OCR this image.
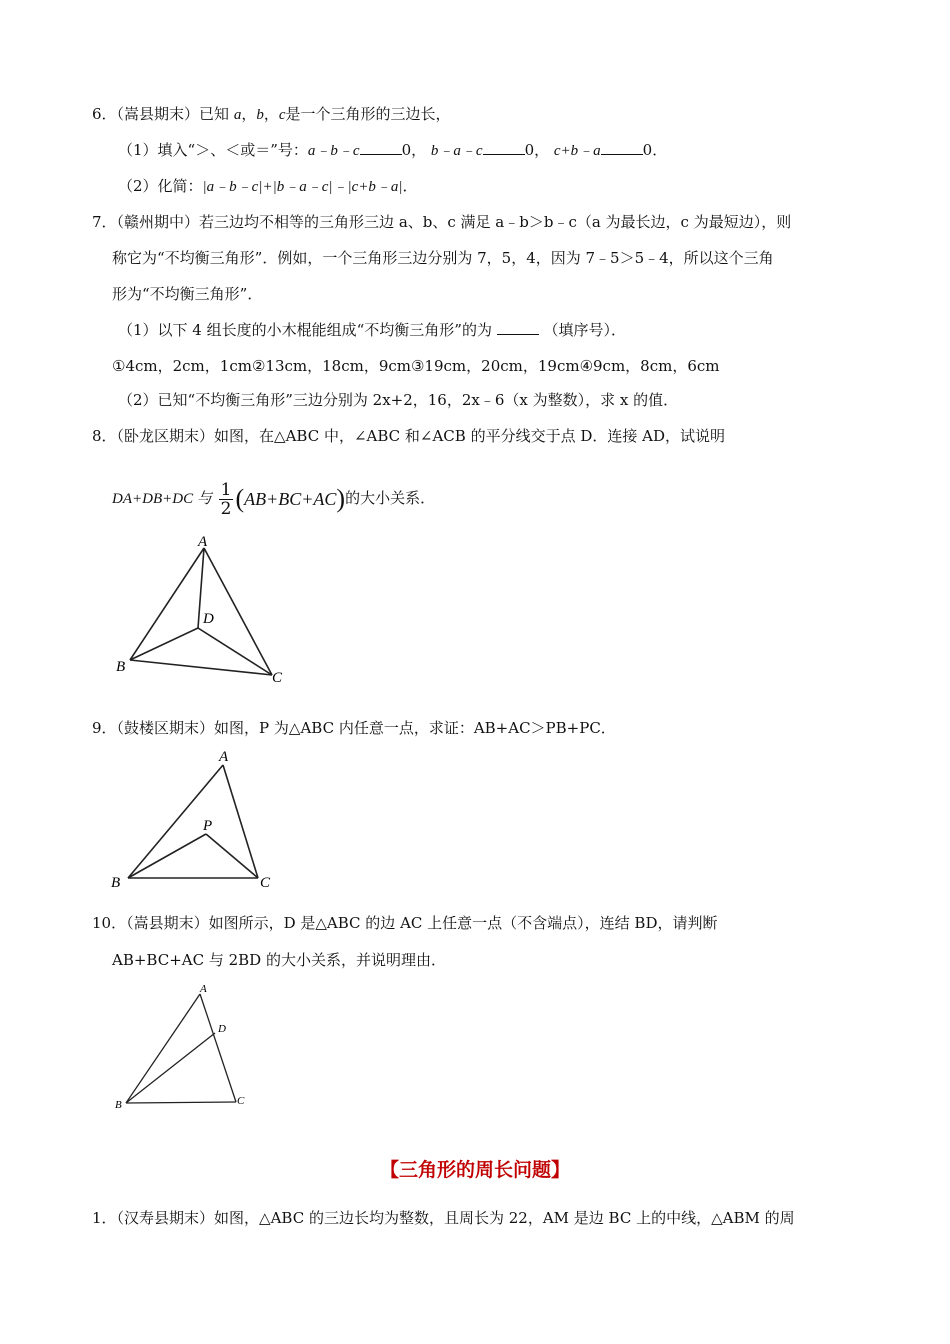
6．（嵩县期末）已知 a，b，c是一个三角形的三边长，
（1）填入“＞、＜或＝”号：a﹣b﹣c	0， b﹣a﹣c	0， c+b﹣a	0．
（2）化简：|a﹣b﹣c|+|b﹣a﹣c|﹣|c+b﹣a|．
7．（赣州期中）若三边均不相等的三角形三边 a、b、c 满足 a﹣b＞b﹣c（a 为最长边，c 为最短边），则
称它为“不均衡三角形”．例如，一个三角形三边分别为 7，5，4，因为 7﹣5＞5﹣4，所以这个三角
形为“不均衡三角形”．
（1）以下 4 组长度的小木棍能组成“不均衡三角形”的为	（填序号）．
①4cm，2cm，1cm②13cm，18cm，9cm③19cm，20cm，19cm④9cm，8cm，6cm
（2）已知“不均衡三角形”三边分别为 2x+2，16，2x﹣6（x 为整数），求 x 的值．
8．（卧龙区期末）如图，在△ABC 中，∠ABC 和∠ACB 的平分线交于点 D．连接 AD，试说明
DA+DB+DC 与 $\frac{1}{2} (AB+BC+AC)$的大小关系．
A
B
C
D
9．（鼓楼区期末）如图，P 为△ABC 内任意一点，求证：AB+AC＞PB+PC．
A
B	C
P
10．（嵩县期末）如图所示，D 是△ABC 的边 AC 上任意一点（不含端点），连结 BD，请判断
AB+BC+AC 与 2BD 的大小关系，并说明理由．
A
B	C
D
【三角形的周长问题】
1．（汉寿县期末）如图，△ABC 的三边长均为整数，且周长为 22，AM 是边 BC 上的中线，△ABM 的周
